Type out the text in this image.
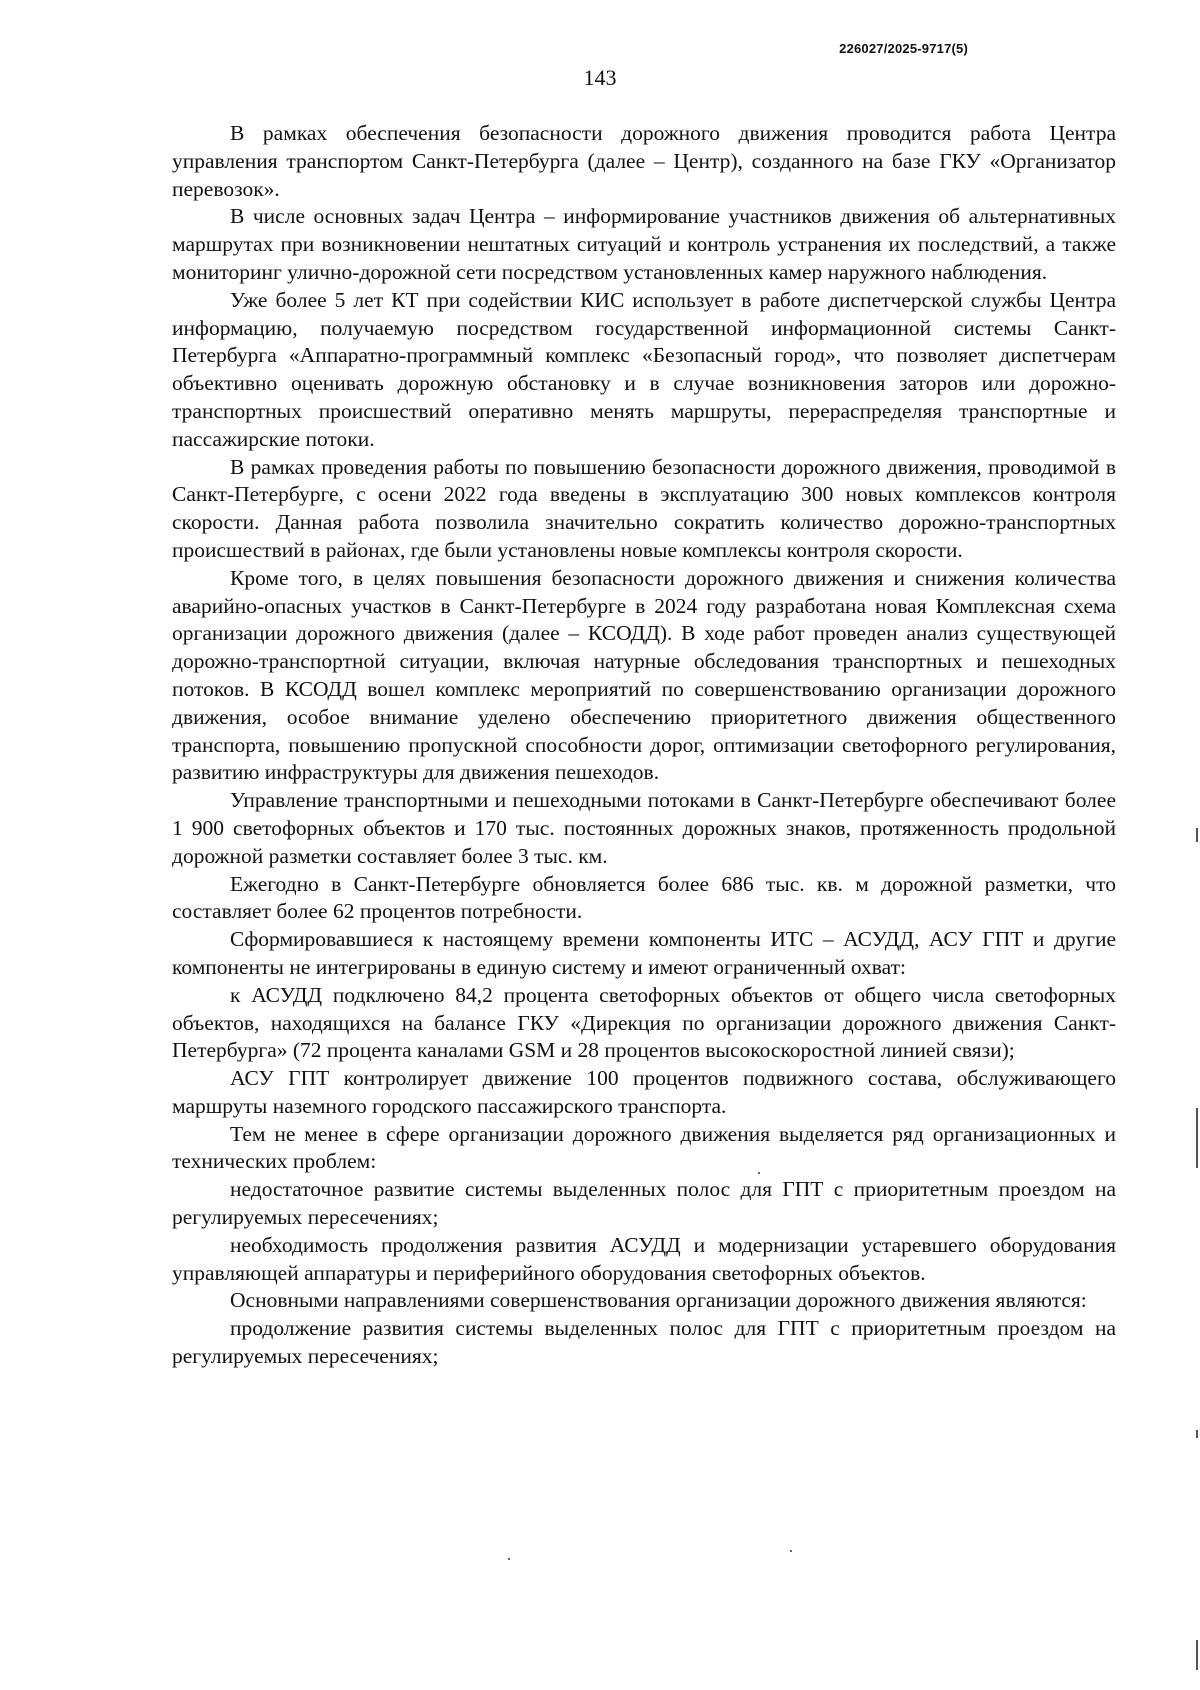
226027/2025-9717(5)
143

В рамках обеспечения безопасности дорожного движения проводится работа Центра управления транспортом Санкт-Петербурга (далее – Центр), созданного на базе ГКУ «Организатор перевозок».

В числе основных задач Центра – информирование участников движения об альтернативных маршрутах при возникновении нештатных ситуаций и контроль устранения их последствий, а также мониторинг улично-дорожной сети посредством установленных камер наружного наблюдения.

Уже более 5 лет КТ при содействии КИС использует в работе диспетчерской службы Центра информацию, получаемую посредством государственной информационной системы Санкт-Петербурга «Аппаратно-программный комплекс «Безопасный город», что позволяет диспетчерам объективно оценивать дорожную обстановку и в случае возникновения заторов или дорожно-транспортных происшествий оперативно менять маршруты, перераспределяя транспортные и пассажирские потоки.

В рамках проведения работы по повышению безопасности дорожного движения, проводимой в Санкт-Петербурге, с осени 2022 года введены в эксплуатацию 300 новых комплексов контроля скорости. Данная работа позволила значительно сократить количество дорожно-транспортных происшествий в районах, где были установлены новые комплексы контроля скорости.

Кроме того, в целях повышения безопасности дорожного движения и снижения количества аварийно-опасных участков в Санкт-Петербурге в 2024 году разработана новая Комплексная схема организации дорожного движения (далее – КСОДД). В ходе работ проведен анализ существующей дорожно-транспортной ситуации, включая натурные обследования транспортных и пешеходных потоков. В КСОДД вошел комплекс мероприятий по совершенствованию организации дорожного движения, особое внимание уделено обеспечению приоритетного движения общественного транспорта, повышению пропускной способности дорог, оптимизации светофорного регулирования, развитию инфраструктуры для движения пешеходов.

Управление транспортными и пешеходными потоками в Санкт-Петербурге обеспечивают более 1 900 светофорных объектов и 170 тыс. постоянных дорожных знаков, протяженность продольной дорожной разметки составляет более 3 тыс. км.

Ежегодно в Санкт-Петербурге обновляется более 686 тыс. кв. м дорожной разметки, что составляет более 62 процентов потребности.

Сформировавшиеся к настоящему времени компоненты ИТС – АСУДД, АСУ ГПТ и другие компоненты не интегрированы в единую систему и имеют ограниченный охват:

к АСУДД подключено 84,2 процента светофорных объектов от общего числа светофорных объектов, находящихся на балансе ГКУ «Дирекция по организации дорожного движения Санкт-Петербурга» (72 процента каналами GSM и 28 процентов высокоскоростной линией связи);

АСУ ГПТ контролирует движение 100 процентов подвижного состава, обслуживающего маршруты наземного городского пассажирского транспорта.

Тем не менее в сфере организации дорожного движения выделяется ряд организационных и технических проблем:

недостаточное развитие системы выделенных полос для ГПТ с приоритетным проездом на регулируемых пересечениях;

необходимость продолжения развития АСУДД и модернизации устаревшего оборудования управляющей аппаратуры и периферийного оборудования светофорных объектов.

Основными направлениями совершенствования организации дорожного движения являются:

продолжение развития системы выделенных полос для ГПТ с приоритетным проездом на регулируемых пересечениях;
